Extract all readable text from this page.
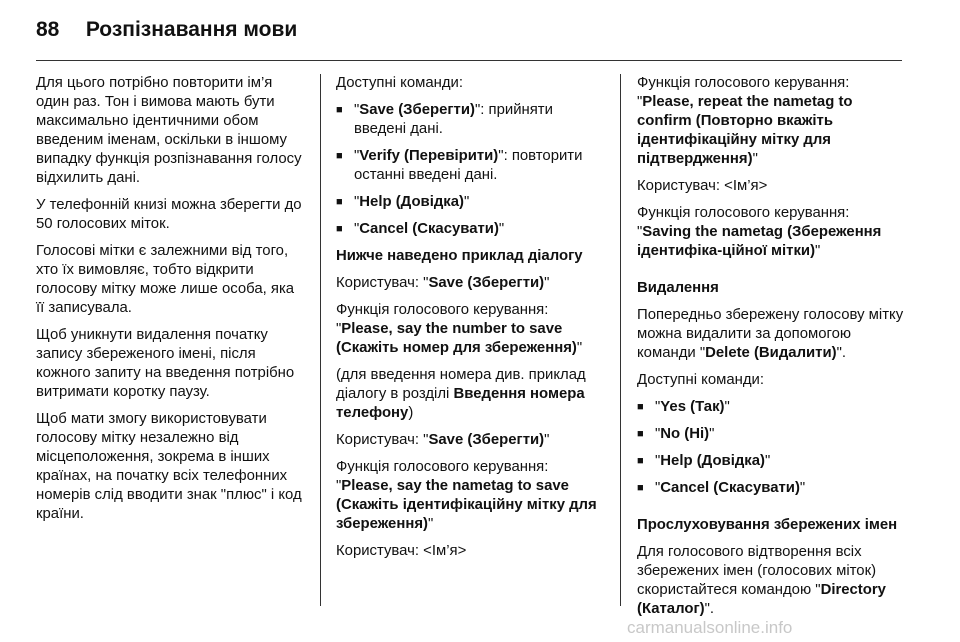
88 Розпізнавання мови

Для цього потрібно повторити ім’я один раз. Тон і вимова мають бути максимально ідентичними обом введеним іменам, оскільки в іншому випадку функція розпізнавання голосу відхилить дані.

У телефонній книзі можна зберегти до 50 голосових міток.

Голосові мітки є залежними від того, хто їх вимовляє, тобто відкрити голосову мітку може лише особа, яка її записувала.

Щоб уникнути видалення початку запису збереженого імені, після кожного запиту на введення потрібно витримати коротку паузу.

Щоб мати змогу використовувати голосову мітку незалежно від місцеположення, зокрема в інших країнах, на початку всіх телефонних номерів слід вводити знак "плюс" і код країни.

Доступні команди:

■ "Save (Зберегти)": прийняти введені дані.
■ "Verify (Перевірити)": повторити останні введені дані.
■ "Help (Довідка)"
■ "Cancel (Скасувати)"

Нижче наведено приклад діалогу

Користувач: "Save (Зберегти)"

Функція голосового керування: "Please, say the number to save (Скажіть номер для збереження)"

(для введення номера див. приклад діалогу в розділі Введення номера телефону)

Користувач: "Save (Зберегти)"

Функція голосового керування: "Please, say the nametag to save (Скажіть ідентифікаційну мітку для збереження)"

Користувач: <Ім’я>

Функція голосового керування: "Please, repeat the nametag to confirm (Повторно вкажіть ідентифікаційну мітку для підтвердження)"

Користувач: <Ім’я>

Функція голосового керування: "Saving the nametag (Збереження ідентифіка-ційної мітки)"

Видалення

Попередньо збережену голосову мітку можна видалити за допомогою команди "Delete (Видалити)".

Доступні команди:

■ "Yes (Так)"
■ "No (Ні)"
■ "Help (Довідка)"
■ "Cancel (Скасувати)"

Прослуховування збережених імен

Для голосового відтворення всіх збережених імен (голосових міток) скористайтеся командою "Directory (Каталог)".

carmanualsonline.info
